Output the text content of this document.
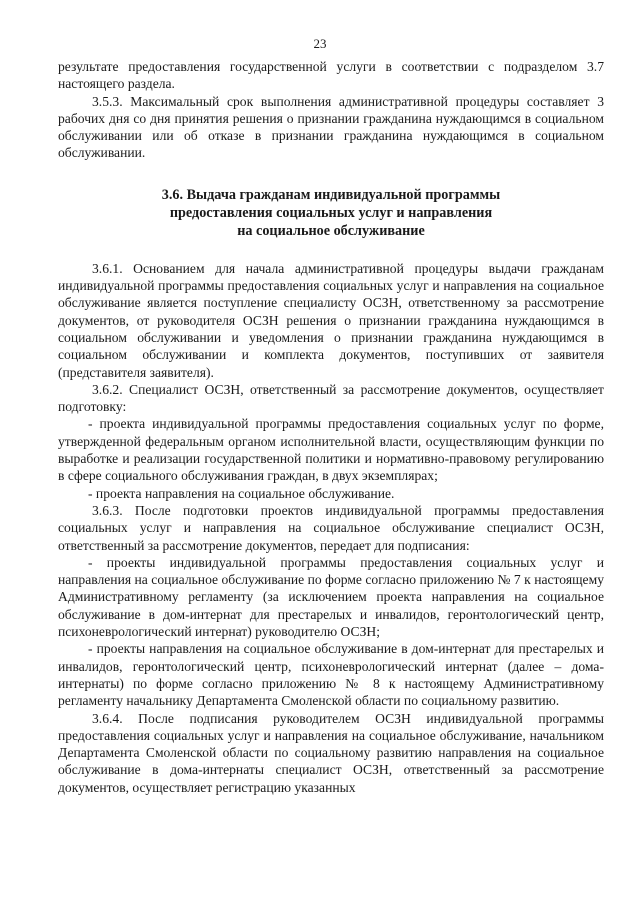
23

результате предоставления государственной услуги в соответствии с подразделом 3.7 настоящего раздела.

3.5.3. Максимальный срок выполнения административной процедуры составляет 3 рабочих дня со дня принятия решения о признании гражданина нуждающимся в социальном обслуживании или об отказе в признании гражданина нуждающимся в социальном обслуживании.

3.6. Выдача гражданам индивидуальной программы
предоставления социальных услуг и направления
на социальное обслуживание

3.6.1. Основанием для начала административной процедуры выдачи гражданам индивидуальной программы предоставления социальных услуг и направления на социальное обслуживание является поступление специалисту ОСЗН, ответственному за рассмотрение документов, от руководителя ОСЗН решения о признании гражданина нуждающимся в социальном обслуживании и уведомления о признании гражданина нуждающимся в социальном обслуживании и комплекта документов, поступивших от заявителя (представителя заявителя).

3.6.2. Специалист ОСЗН, ответственный за рассмотрение документов, осуществляет подготовку:

- проекта индивидуальной программы предоставления социальных услуг по форме, утвержденной федеральным органом исполнительной власти, осуществляющим функции по выработке и реализации государственной политики и нормативно-правовому регулированию в сфере социального обслуживания граждан, в двух экземплярах;

- проекта направления на социальное обслуживание.

3.6.3. После подготовки проектов индивидуальной программы предоставления социальных услуг и направления на социальное обслуживание специалист ОСЗН, ответственный за рассмотрение документов, передает для подписания:

- проекты индивидуальной программы предоставления социальных услуг и направления на социальное обслуживание по форме согласно приложению № 7 к настоящему Административному регламенту (за исключением проекта направления на социальное обслуживание в дом-интернат для престарелых и инвалидов, геронтологический центр, психоневрологический интернат) руководителю ОСЗН;

- проекты направления на социальное обслуживание в дом-интернат для престарелых и инвалидов, геронтологический центр, психоневрологический интернат (далее – дома-интернаты) по форме согласно приложению № 8 к настоящему Административному регламенту начальнику Департамента Смоленской области по социальному развитию.

3.6.4. После подписания руководителем ОСЗН индивидуальной программы предоставления социальных услуг и направления на социальное обслуживание, начальником Департамента Смоленской области по социальному развитию направления на социальное обслуживание в дома-интернаты специалист ОСЗН, ответственный за рассмотрение документов, осуществляет регистрацию указанных
